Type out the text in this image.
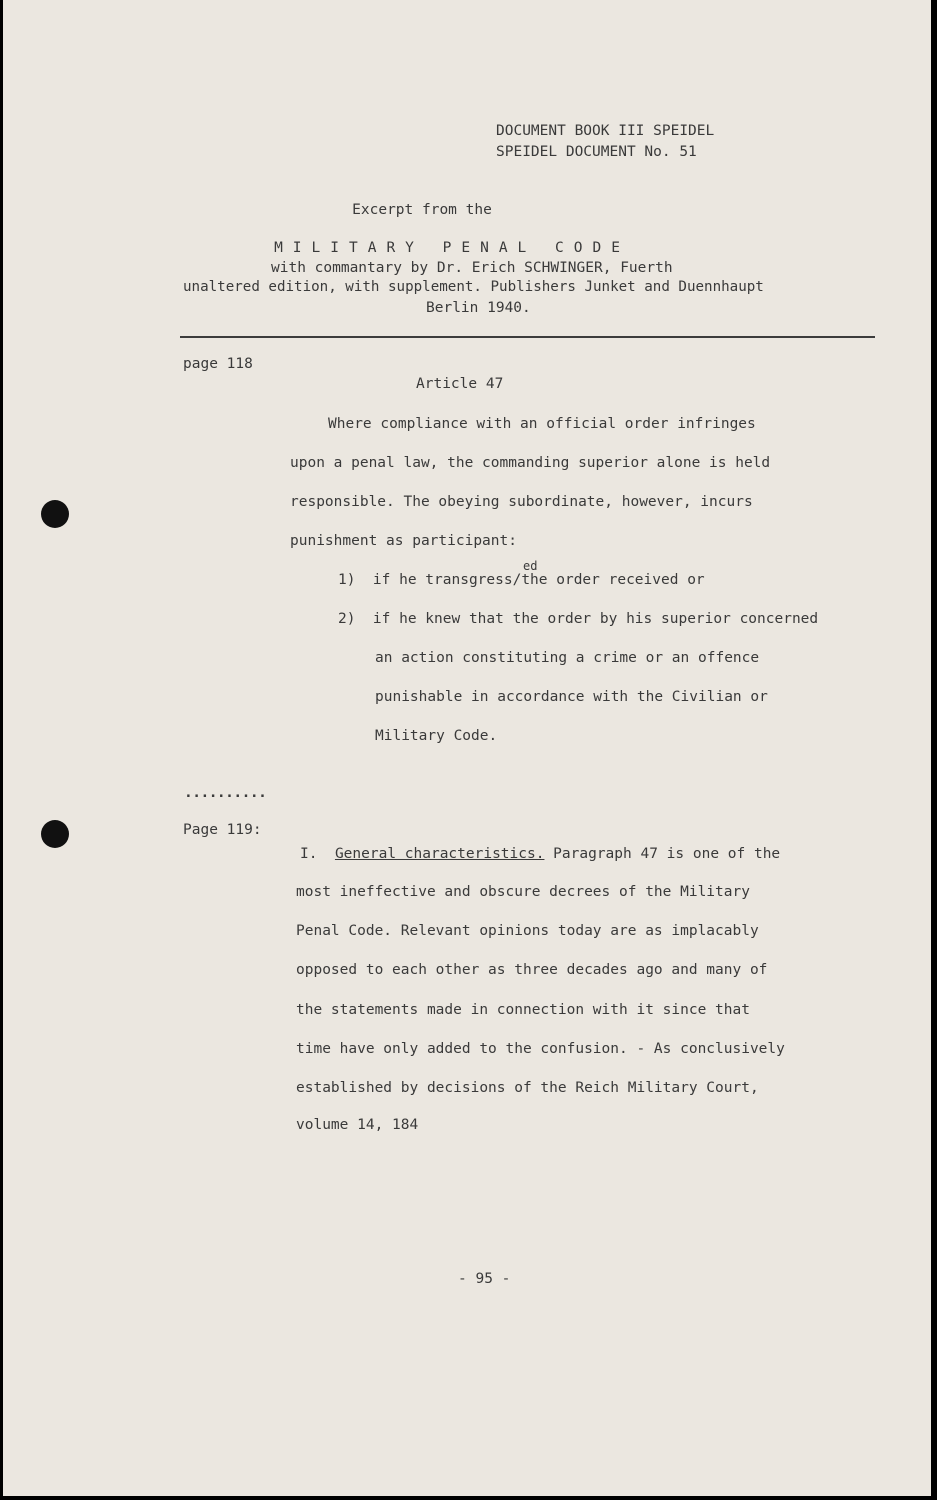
DOCUMENT BOOK III SPEIDEL
SPEIDEL DOCUMENT No. 51
Excerpt from the
MILITARY PENAL CODE
with commantary by Dr. Erich SCHWINGER, Fuerth
unaltered edition, with supplement. Publishers Junket and Duennhaupt
Berlin 1940.
page 118
Article 47
Where compliance with an official order infringes
upon a penal law, the commanding superior alone is held
responsible. The obeying subordinate, however, incurs
punishment as participant:
ed
1)  if he transgress/the order received or
2)  if he knew that the order by his superior concerned
an action constituting a crime or an offence
punishable in accordance with the Civilian or
Military Code.
..........
Page 119:
I. General characteristics. Paragraph 47 is one of the
most ineffective and obscure decrees of the Military
Penal Code. Relevant opinions today are as implacably
opposed to each other as three decades ago and many of
the statements made in connection with it since that
time have only added to the confusion. - As conclusively
established by decisions of the Reich Military Court,
volume 14, 184
- 95 -
